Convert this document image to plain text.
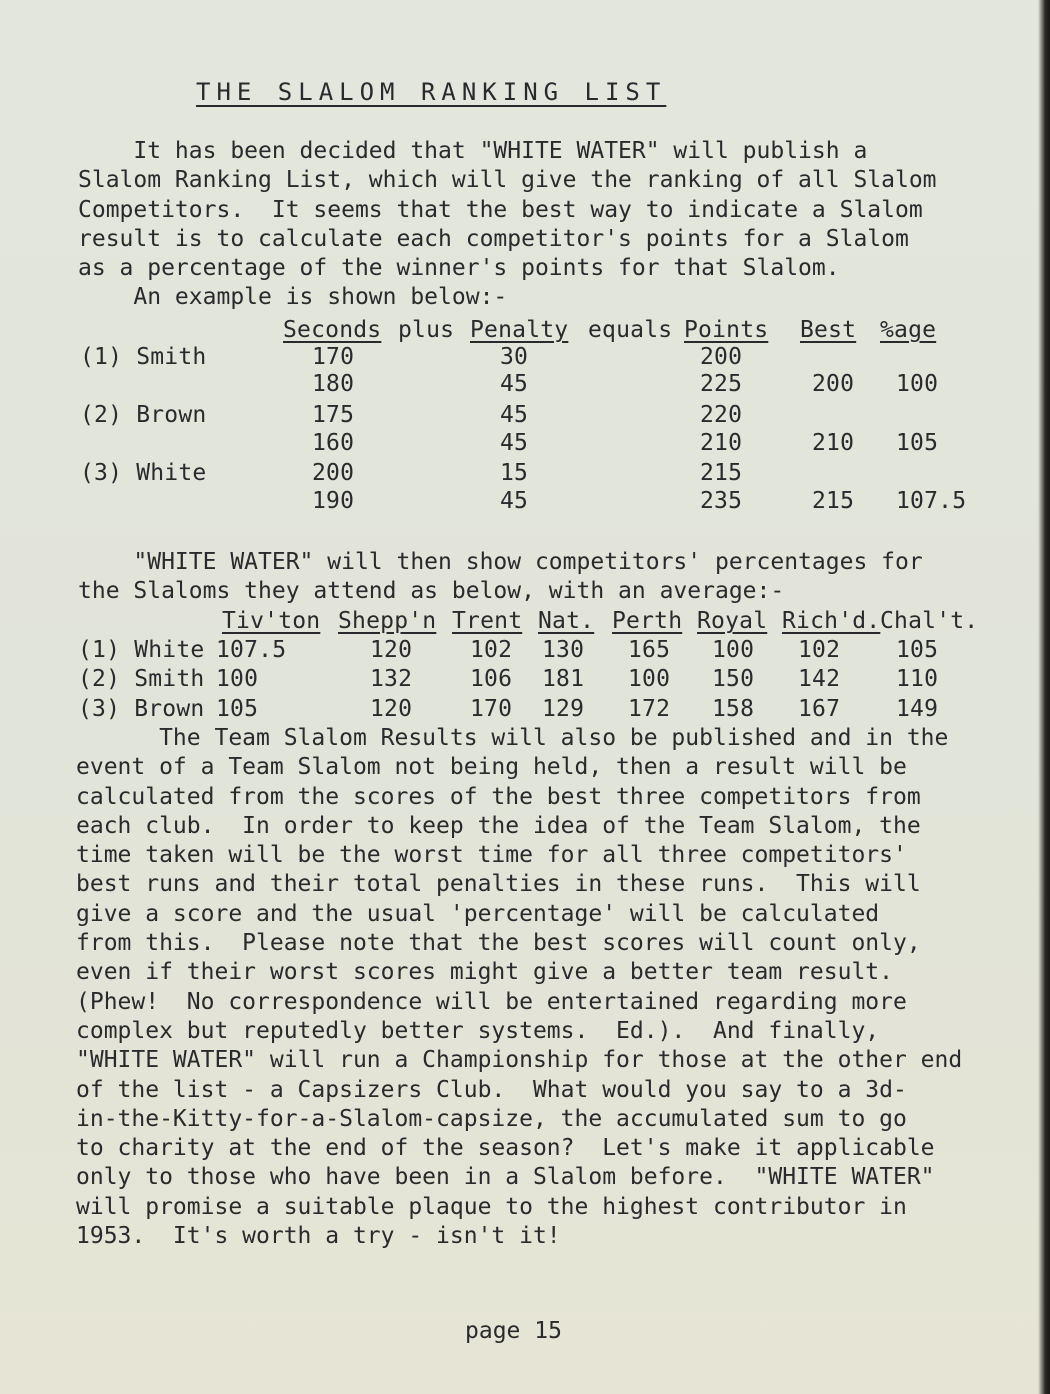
THE SLALOM RANKING LIST
It has been decided that "WHITE WATER" will publish a
Slalom Ranking List, which will give the ranking of all Slalom
Competitors.  It seems that the best way to indicate a Slalom
result is to calculate each competitor's points for a Slalom
as a percentage of the winner's points for that Slalom.
An example is shown below:-
Seconds plus Penalty equals Points Best %age
(1) Smith	170	30	200
180	45	225	200 100
(2) Brown	175	45	220
160	45	210	210 105
(3) White	200	15	215
190	45	235	215 107.5
"WHITE WATER" will then show competitors' percentages for
the Slaloms they attend as below, with an average:-
Tiv'ton Shepp'n Trent Nat. Perth Royal Rich'd. Chal't.
(1) White 107.5	120	102 130 165 100 102 105
(2) Smith 100	132	106 181 100 150 142 110
(3) Brown 105	120	170 129 172 158 167 149
The Team Slalom Results will also be published and in the
event of a Team Slalom not being held, then a result will be
calculated from the scores of the best three competitors from
each club.  In order to keep the idea of the Team Slalom, the
time taken will be the worst time for all three competitors'
best runs and their total penalties in these runs.  This will
give a score and the usual 'percentage' will be calculated
from this.  Please note that the best scores will count only,
even if their worst scores might give a better team result.
(Phew!  No correspondence will be entertained regarding more
complex but reputedly better systems.  Ed.).  And finally,
"WHITE WATER" will run a Championship for those at the other end
of the list - a Capsizers Club.  What would you say to a 3d-
in-the-Kitty-for-a-Slalom-capsize, the accumulated sum to go
to charity at the end of the season?  Let's make it applicable
only to those who have been in a Slalom before.  "WHITE WATER"
will promise a suitable plaque to the highest contributor in
1953.  It's worth a try - isn't it!
page 15
